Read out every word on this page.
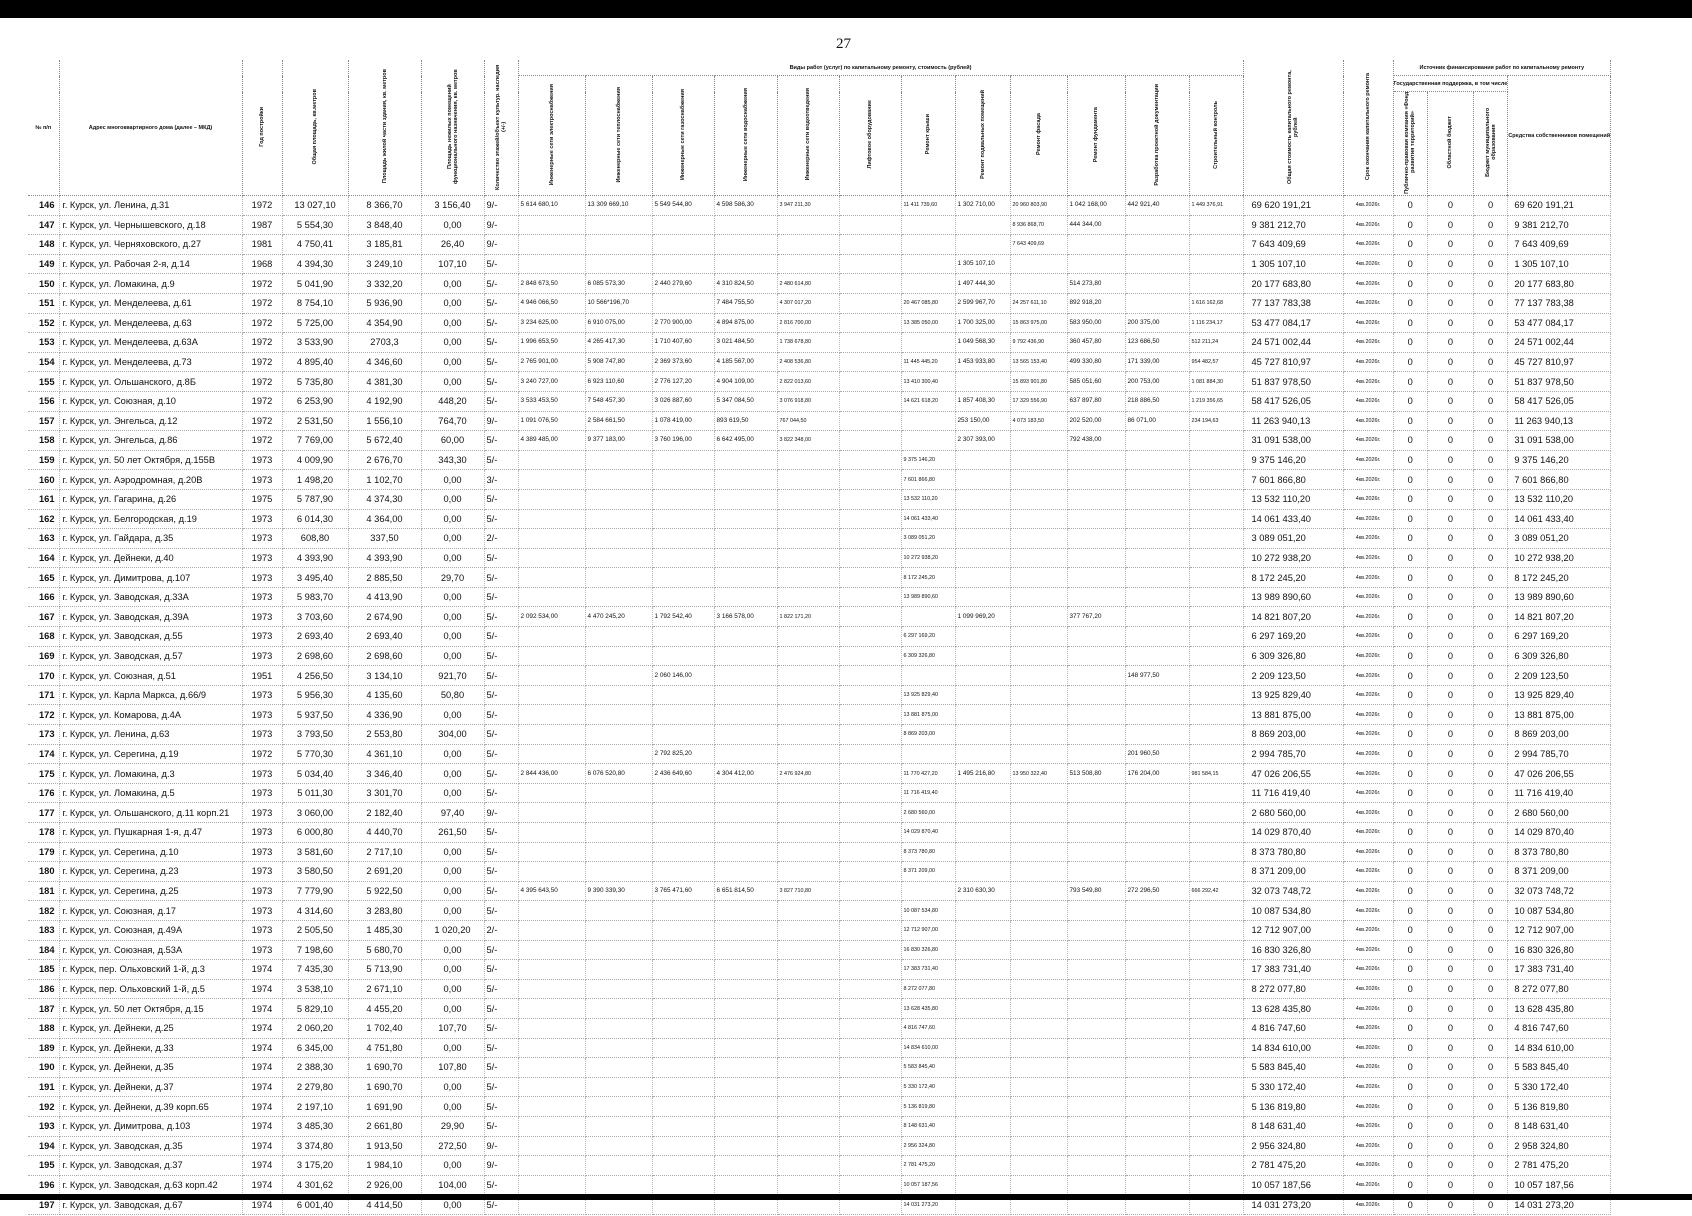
27
№ п/п	Адрес многоквартирного дома (далее – МКД)	Год постройки	Общая площадь, кв.метров	Площадь жилой части здания, кв. метров	Площадь нежилых помещений функционального назначения, кв. метров	Количество этажей/объект культур. наследия (+/-)	Виды работ (услуг) по капитальному ремонту, стоимость (рублей)												Общая стоимость капитального ремонта, рублей	Срок окончания капитального ремонта	Источник финансирования работ по капитальному ремонту			
							Инженерные сети электроснабжения	Инженерные сети теплоснабжения	Инженерные сети газоснабжения	Инженерные сети водоснабжения	Инженерные сети водоотведения	Лифтовое оборудование	Ремонт крыши	Ремонт подвальных помещений	Ремонт фасада	Ремонт фундамента	Разработка проектной документации	Строительный контроль			Государственная поддержка, в том числе			Средства собственников помещений
																					Публично-правовая компания «Фонд развития территорий»	Областной бюджет	Бюджет муниципального образования	
146	г. Курск, ул. Ленина, д.31	1972	13 027,10	8 366,70	3 156,40	9/-	5 614 680,10	13 309 669,10	5 549 544,80	4 598 586,30	3 947 211,30		11 411 739,60	1 302 710,00	20 960 803,90	1 042 168,00	442 921,40	1 449 376,91	69 620 191,21	4кв.2026г.	0	0	0	69 620 191,21
147	г. Курск, ул. Чернышевского, д.18	1987	5 554,30	3 848,40	0,00	9/-									8 936 868,70	444 344,00			9 381 212,70	4кв.2026г.	0	0	0	9 381 212,70
148	г. Курск, ул. Черняховского, д.27	1981	4 750,41	3 185,81	26,40	9/-									7 643 409,69				7 643 409,69	4кв.2026г.	0	0	0	7 643 409,69
149	г. Курск, ул. Рабочая 2-я, д.14	1968	4 394,30	3 249,10	107,10	5/-								1 305 107,10					1 305 107,10	4кв.2026г.	0	0	0	1 305 107,10
150	г. Курск, ул. Ломакина, д.9	1972	5 041,90	3 332,20	0,00	5/-	2 848 673,50	6 085 573,30	2 440 279,60	4 310 824,50	2 480 614,80			1 497 444,30		514 273,80			20 177 683,80	4кв.2026г.	0	0	0	20 177 683,80
151	г. Курск, ул. Менделеева, д.61	1972	8 754,10	5 936,90	0,00	5/-	4 946 066,50	10 566*196,70		7 484 755,50	4 307 017,20		20 467 085,80	2 599 967,70	24 257 611,10	892 918,20		1 616 162,68	77 137 783,38	4кв.2026г.	0	0	0	77 137 783,38
152	г. Курск, ул. Менделеева, д.63	1972	5 725,00	4 354,90	0,00	5/-	3 234 625,00	6 910 075,00	2 770 900,00	4 894 875,00	2 816 700,00		13 385 050,00	1 700 325,00	15 863 975,00	583 950,00	200 375,00	1 116 234,17	53 477 084,17	4кв.2026г.	0	0	0	53 477 084,17
153	г. Курск, ул. Менделеева, д.63А	1972	3 533,90	2703,3	0,00	5/-	1 996 653,50	4 265 417,30	1 710 407,60	3 021 484,50	1 738 678,80			1 049 568,30	9 792 436,90	360 457,80	123 686,50	512 211,24	24 571 002,44	4кв.2026г.	0	0	0	24 571 002,44
154	г. Курск, ул. Менделеева, д.73	1972	4 895,40	4 346,60	0,00	5/-	2 765 901,00	5 908 747,80	2 369 373,60	4 185 567,00	2 408 536,80		11 445 445,20	1 453 933,80	13 565 153,40	499 330,80	171 339,00	954 482,57	45 727 810,97	4кв.2026г.	0	0	0	45 727 810,97
155	г. Курск, ул. Ольшанского, д.8Б	1972	5 735,80	4 381,30	0,00	5/-	3 240 727,00	6 923 110,60	2 776 127,20	4 904 109,00	2 822 013,60		13 410 300,40		15 893 901,80	585 051,60	200 753,00	1 081 884,30	51 837 978,50	4кв.2026г.	0	0	0	51 837 978,50
156	г. Курск, ул. Союзная, д.10	1972	6 253,90	4 192,90	448,20	5/-	3 533 453,50	7 548 457,30	3 026 887,60	5 347 084,50	3 076 918,80		14 621 618,20	1 857 408,30	17 329 556,90	637 897,80	218 886,50	1 219 356,65	58 417 526,05	4кв.2026г.	0	0	0	58 417 526,05
157	г. Курск, ул. Энгельса, д.12	1972	2 531,50	1 556,10	764,70	9/-	1 091 076,50	2 584 661,50	1 078 419,00	893 619,50	767 044,50			253 150,00	4 073 183,50	202 520,00	86 071,00	234 194,63	11 263 940,13	4кв.2026г.	0	0	0	11 263 940,13
158	г. Курск, ул. Энгельса, д.86	1972	7 769,00	5 672,40	60,00	5/-	4 389 485,00	9 377 183,00	3 760 196,00	6 642 495,00	3 822 348,00			2 307 393,00		792 438,00			31 091 538,00	4кв.2026г.	0	0	0	31 091 538,00
159	г. Курск, ул. 50 лет Октября, д.155В	1973	4 009,90	2 676,70	343,30	5/-							9 375 146,20						9 375 146,20	4кв.2026г.	0	0	0	9 375 146,20
160	г. Курск, ул. Аэродромная, д.20В	1973	1 498,20	1 102,70	0,00	3/-							7 601 866,80						7 601 866,80	4кв.2026г.	0	0	0	7 601 866,80
161	г. Курск, ул. Гагарина, д.26	1975	5 787,90	4 374,30	0,00	5/-							13 532 110,20						13 532 110,20	4кв.2026г.	0	0	0	13 532 110,20
162	г. Курск, ул. Белгородская, д.19	1973	6 014,30	4 364,00	0,00	5/-							14 061 433,40						14 061 433,40	4кв.2026г.	0	0	0	14 061 433,40
163	г. Курск, ул. Гайдара, д.35	1973	608,80	337,50	0,00	2/-							3 089 051,20						3 089 051,20	4кв.2026г.	0	0	0	3 089 051,20
164	г. Курск, ул. Дейнеки, д.40	1973	4 393,90	4 393,90	0,00	5/-							10 272 938,20						10 272 938,20	4кв.2026г.	0	0	0	10 272 938,20
165	г. Курск, ул. Димитрова, д.107	1973	3 495,40	2 885,50	29,70	5/-							8 172 245,20						8 172 245,20	4кв.2026г.	0	0	0	8 172 245,20
166	г. Курск, ул. Заводская, д.33А	1973	5 983,70	4 413,90	0,00	5/-							13 989 890,60						13 989 890,60	4кв.2026г.	0	0	0	13 989 890,60
167	г. Курск, ул. Заводская, д.39А	1973	3 703,60	2 674,90	0,00	5/-	2 092 534,00	4 470 245,20	1 792 542,40	3 166 578,00	1 822 171,20			1 099 969,20		377 767,20			14 821 807,20	4кв.2026г.	0	0	0	14 821 807,20
168	г. Курск, ул. Заводская, д.55	1973	2 693,40	2 693,40	0,00	5/-							6 297 169,20						6 297 169,20	4кв.2026г.	0	0	0	6 297 169,20
169	г. Курск, ул. Заводская, д.57	1973	2 698,60	2 698,60	0,00	5/-							6 309 326,80						6 309 326,80	4кв.2026г.	0	0	0	6 309 326,80
170	г. Курск, ул. Союзная, д.51	1951	4 256,50	3 134,10	921,70	5/-			2 060 146,00								148 977,50		2 209 123,50	4кв.2026г.	0	0	0	2 209 123,50
171	г. Курск, ул. Карла Маркса, д.66/9	1973	5 956,30	4 135,60	50,80	5/-							13 925 829,40						13 925 829,40	4кв.2026г.	0	0	0	13 925 829,40
172	г. Курск, ул. Комарова, д.4А	1973	5 937,50	4 336,90	0,00	5/-							13 881 875,00						13 881 875,00	4кв.2026г.	0	0	0	13 881 875,00
173	г. Курск, ул. Ленина, д.63	1973	3 793,50	2 553,80	304,00	5/-							8 869 203,00						8 869 203,00	4кв.2026г.	0	0	0	8 869 203,00
174	г. Курск, ул. Серегина, д.19	1972	5 770,30	4 361,10	0,00	5/-			2 792 825,20								201 960,50		2 994 785,70	4кв.2026г.	0	0	0	2 994 785,70
175	г. Курск, ул. Ломакина, д.3	1973	5 034,40	3 346,40	0,00	5/-	2 844 436,00	6 076 520,80	2 436 649,60	4 304 412,00	2 476 924,80		11 770 427,20	1 495 216,80	13 950 322,40	513 508,80	176 204,00	981 584,15	47 026 206,55	4кв.2026г.	0	0	0	47 026 206,55
176	г. Курск, ул. Ломакина, д.5	1973	5 011,30	3 301,70	0,00	5/-							11 716 419,40						11 716 419,40	4кв.2026г.	0	0	0	11 716 419,40
177	г. Курск, ул. Ольшанского, д.11 корп.21	1973	3 060,00	2 182,40	97,40	9/-							2 680 560,00						2 680 560,00	4кв.2026г.	0	0	0	2 680 560,00
178	г. Курск, ул. Пушкарная 1-я, д.47	1973	6 000,80	4 440,70	261,50	5/-							14 029 870,40						14 029 870,40	4кв.2026г.	0	0	0	14 029 870,40
179	г. Курск, ул. Серегина, д.10	1973	3 581,60	2 717,10	0,00	5/-							8 373 780,80						8 373 780,80	4кв.2026г.	0	0	0	8 373 780,80
180	г. Курск, ул. Серегина, д.23	1973	3 580,50	2 691,20	0,00	5/-							8 371 209,00						8 371 209,00	4кв.2026г.	0	0	0	8 371 209,00
181	г. Курск, ул. Серегина, д.25	1973	7 779,90	5 922,50	0,00	5/-	4 395 643,50	9 390 339,30	3 765 471,60	6 651 814,50	3 827 710,80			2 310 630,30		793 549,80	272 296,50	666 292,42	32 073 748,72	4кв.2026г.	0	0	0	32 073 748,72
182	г. Курск, ул. Союзная, д.17	1973	4 314,60	3 283,80	0,00	5/-							10 087 534,80						10 087 534,80	4кв.2026г.	0	0	0	10 087 534,80
183	г. Курск, ул. Союзная, д.49А	1973	2 505,50	1 485,30	1 020,20	2/-							12 712 907,00						12 712 907,00	4кв.2026г.	0	0	0	12 712 907,00
184	г. Курск, ул. Союзная, д.53А	1973	7 198,60	5 680,70	0,00	5/-							16 830 326,80						16 830 326,80	4кв.2026г.	0	0	0	16 830 326,80
185	г. Курск, пер. Ольховский 1-й, д.3	1974	7 435,30	5 713,90	0,00	5/-							17 383 731,40						17 383 731,40	4кв.2026г.	0	0	0	17 383 731,40
186	г. Курск, пер. Ольховский 1-й, д.5	1974	3 538,10	2 671,10	0,00	5/-							8 272 077,80						8 272 077,80	4кв.2026г.	0	0	0	8 272 077,80
187	г. Курск, ул. 50 лет Октября, д.15	1974	5 829,10	4 455,20	0,00	5/-							13 628 435,80						13 628 435,80	4кв.2026г.	0	0	0	13 628 435,80
188	г. Курск, ул. Дейнеки, д.25	1974	2 060,20	1 702,40	107,70	5/-							4 816 747,60						4 816 747,60	4кв.2026г.	0	0	0	4 816 747,60
189	г. Курск, ул. Дейнеки, д.33	1974	6 345,00	4 751,80	0,00	5/-							14 834 610,00						14 834 610,00	4кв.2026г.	0	0	0	14 834 610,00
190	г. Курск, ул. Дейнеки, д.35	1974	2 388,30	1 690,70	107,80	5/-							5 583 845,40						5 583 845,40	4кв.2026г.	0	0	0	5 583 845,40
191	г. Курск, ул. Дейнеки, д.37	1974	2 279,80	1 690,70	0,00	5/-							5 330 172,40						5 330 172,40	4кв.2026г.	0	0	0	5 330 172,40
192	г. Курск, ул. Дейнеки, д.39 корп.65	1974	2 197,10	1 691,90	0,00	5/-							5 136 819,80						5 136 819,80	4кв.2026г.	0	0	0	5 136 819,80
193	г. Курск, ул. Димитрова, д.103	1974	3 485,30	2 661,80	29,90	5/-							8 148 631,40						8 148 631,40	4кв.2026г.	0	0	0	8 148 631,40
194	г. Курск, ул. Заводская, д.35	1974	3 374,80	1 913,50	272,50	9/-							2 956 324,80						2 956 324,80	4кв.2026г.	0	0	0	2 958 324,80
195	г. Курск, ул. Заводская, д.37	1974	3 175,20	1 984,10	0,00	9/-							2 781 475,20						2 781 475,20	4кв.2026г.	0	0	0	2 781 475,20
196	г. Курск, ул. Заводская, д.63 корп.42	1974	4 301,62	2 926,00	104,00	5/-							10 057 187,56						10 057 187,56	4кв.2026г.	0	0	0	10 057 187,56
197	г. Курск, ул. Заводская, д.67	1974	6 001,40	4 414,50	0,00	5/-							14 031 273,20						14 031 273,20	4кв.2026г.	0	0	0	14 031 273,20
